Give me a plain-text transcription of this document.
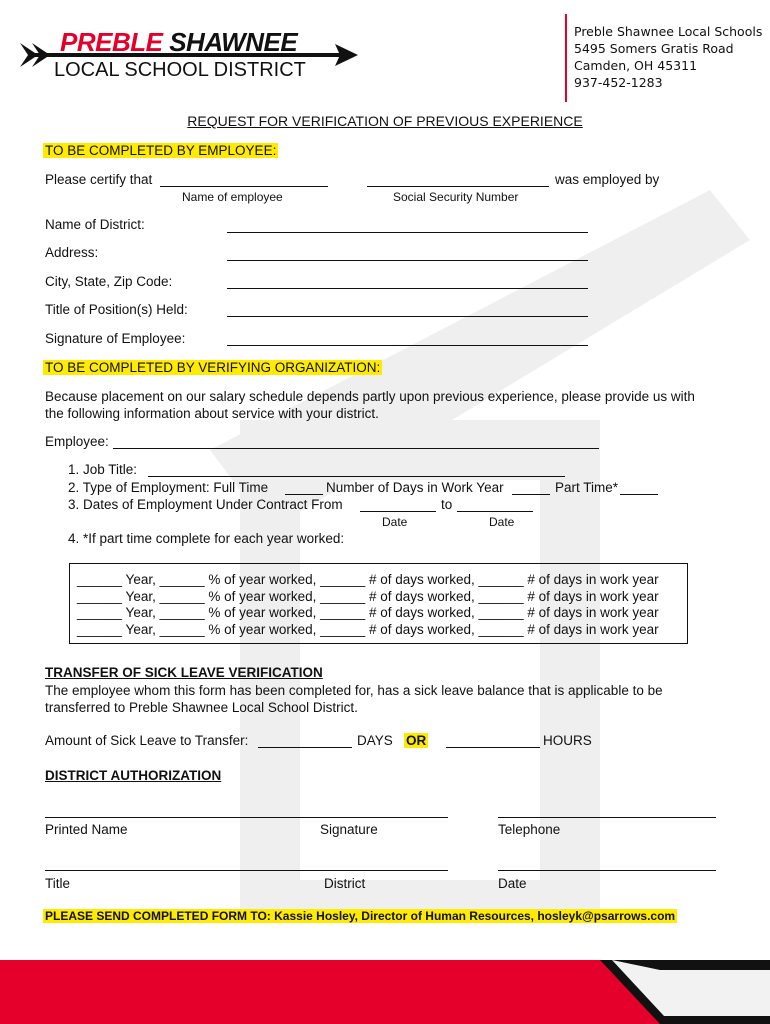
PREBLE SHAWNEE
LOCAL SCHOOL DISTRICT
Preble Shawnee Local Schools
5495 Somers Gratis Road
Camden, OH 45311
937-452-1283
REQUEST FOR VERIFICATION OF PREVIOUS EXPERIENCE
TO BE COMPLETED BY EMPLOYEE:
Please certify that	was employed by
Name of employee	Social Security Number
Name of District:
Address:
City, State, Zip Code:
Title of Position(s) Held:
Signature of Employee:
TO BE COMPLETED BY VERIFYING ORGANIZATION:
Because placement on our salary schedule depends partly upon previous experience, please provide us with
the following information about service with your district.
Employee:
1. Job Title:
2. Type of Employment: Full Time	Number of Days in Work Year	Part Time*
3. Dates of Employment Under Contract From	to
Date	Date
4. *If part time complete for each year worked:
______ Year, ______ % of year worked, ______ # of days worked, ______ # of days in work year
______ Year, ______ % of year worked, ______ # of days worked, ______ # of days in work year
______ Year, ______ % of year worked, ______ # of days worked, ______ # of days in work year
______ Year, ______ % of year worked, ______ # of days worked, ______ # of days in work year
TRANSFER OF SICK LEAVE VERIFICATION
The employee whom this form has been completed for, has a sick leave balance that is applicable to be
transferred to Preble Shawnee Local School District.
Amount of Sick Leave to Transfer:	DAYS OR	HOURS
DISTRICT AUTHORIZATION
Printed Name	Signature	Telephone
Title	District	Date
PLEASE SEND COMPLETED FORM TO: Kassie Hosley, Director of Human Resources, hosleyk@psarrows.com
